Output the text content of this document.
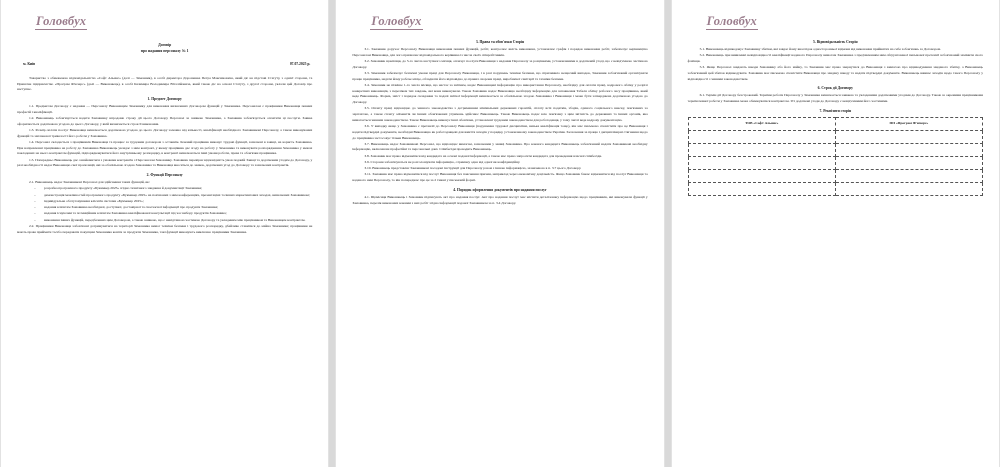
Головбух
Договір
про надання персоналу № 1
м. Київ	07.07.2025 р.

Товариство з обмеженою відповідальністю «Софт Альянс» (далі — Замовник), в особі директора Дорошенка Петра Максимовича, який діє на підставі Статуту, з однієї сторони, та Приватне підприємство «Програм Ф'ючерс» (далі — Виконавець), в особі Казимира Володимира Віталійовича, який також діє на основі Статуту, з другої сторони, уклали цей Договір про наступне.

1. Предмет Договору

1.1. Предметом Договору є надання — Персоналу Виконавцем Замовнику для виконання визначених Договором функцій у Замовника. Персоналом є працівники Виконавця певних професій і кваліфікації.

1.2. Виконавець зобов'язується надати Замовнику впродовж строку дії цього Договору Персонал за заявкою Замовника, а Замовник зобов'язується оплатити ці послуги. Заявка оформлюється додатковою угодою до цього Договору, у якій визначається строк її виконання.

1.3. Розмір оплати послуг Виконавця визначається додатковою угодою до цього Договору залежно від кількості, кваліфікації необхідного Замовникові Персоналу, а також виконуваних функцій та запланової тривалості його роботи у Замовника.

1.4. Персонал складається з працівників Виконавця та працює за трудовим договором з останнім. Кожний працівник виконує трудові функції, зазначені в заявці, на користь Замовника. При направленні працівника на роботу до Замовника Виконавець укладає з ним контракт, у якому працівник дає згоду на роботу у Замовника та виконувати розпорядження Замовника у межах покладених на нього контрактом функцій, підпорядковуватися його внутрішньому розпорядку, в контракті визначаються інші умови роботи, права та обов'язки працівника.

1.5. Попередньо Виконавець дає ознайомитися з умовами контрактів з Персоналом Замовнику. Замовник перевіряє відповідність умов поданій Заявці та додатковим угодам до Договору, у разі необхідності надає Виконавцю свої пропозиції, які за обопільною згодою Замовника та Виконавця вносяться до заявок, додаткових угод до Договору та зазначених контрактів.

2. Функції Персоналу

2.1. Виконавець надає Замовникові Персонал для здійснення таких функцій, як:

– розробка програмного продукту «Букмекер 2025» згідно технічного завдання й документації Замовника;
– демонстрація можливостей програмного продукту «Букмекер 2025» на пов'язаних з ним конференціях, презентаціях та інших маркетингових заходах, визначених Замовником;
– індивідуальне обслуговування клієнтів системи «Букмекер 2025»;
– надання клієнтам Замовника необхідної, доступної, достовірної та своєчасної інформації про продукти Замовника;
– надання існуючим та потенційним клієнтам Замовника кваліфікованої консультації під час вибору продуктів Замовника;
– виконання інших функцій, передбачених цим Договором, а також заявкою, що є невід'ємною частиною Договору та укладеним між працівником та Виконавцем контрактом.

2.2. Працівники Виконавця зобов'язані дотримуватися на території Замовника вимог техніки безпеки і трудового розпорядку, дбайливо ставитися до майна Замовника; працівники не мають права приймати та/або передавати покупцям Замовника кошти за продукти Замовника, такі функції виконують виключно працівники Замовника.

Головбух

3. Права та обов'язки Сторін

3.1. Замовник доручає Персоналу Виконавця виконання певних функцій, робіт, контролює якість виконання, установлює графік і порядок виконання робіт, забезпечує керівництво Персоналом Виконавця, для чого призначає відповідального керівника із числа своїх співробітників.

3.2. Замовник щомісяця, до 5-го числа наступного місяця, оплачує послуги Виконавця з надання Персоналу за розцінками, установленими в додатковій угоді, що є невід'ємною частиною Договору.

3.3. Замовник забезпечує безпечні умови праці для Персоналу Виконавця, і в разі порушень техніки безпеки, що спричинило нещасний випадок, Замовник зобов'язаний організувати працю працівника, надати йому робоче місце, обладнати його відповідно до правил охорони праці, виробничої санітарії та техніки безпеки.

3.4. Замовник не пізніше 1-го числа місяця, що настає за звітним, надає Виконавцеві інформацію про використання Персоналу, необхідну для оплати праці, кадрового обліку у розрізі конкретних виконавців, з переліком тих завдань, які вони виконували. Також Замовник надає Виконавцю необхідну інформацію для заповнення Табеля обліку робочого часу працівника, який веде Виконавець. Форма, зміст і порядок складання та подачі звітної інформації визначається за обопільною згодою Замовника і Виконавця і може бути затверджена додатковою угодою до Договору.

3.5. Оплату праці відповідно до чинного законодавства з дотриманням мінімальних державних гарантій, сплату всіх податків, зборів, єдиного соціального внеску, пов'язаних за зарплатою, а також сплату аліментів чи інших обов'язкових утримань здійснює Виконавець. Також Виконавець подає всю пов'язану з цим звітність до державних та інших органів, яка вимагається чинним законодавством. Також Виконавець виконує інші обов'язки, установлені трудовим законодавством для роботодавця, у тому числі веде кадрову документацію.

3.6. У випадку якщо у Замовника є претензії до Персоналу Виконавця (порушення трудової дисципліни, низька кваліфікація тощо), він має письмово сповістити про це Виконавця і надати підтвердні документи, необхідні Виконавцю як роботодавцеві для вжиття заходів у порядку, установленому законодавством України. Заохочення за працю і дисциплінарні стягнення щодо до працівника застосовує тільки Виконавець.

3.7. Виконавець надає Замовникові Персонал, що відповідає вимогам, зазначеним у заявці Замовника. Про кожного кандидата Виконавець зобов'язаний надати Замовникові необхідну інформацію, включаючи професійні та персональні дані. Співбесіди проводить Виконавець.

3.8. Замовник має право відмовитися від кандидата на основі поданої інформації, а також має право запросити кандидата для проведення власної співбесіди.

3.9. Сторони зобов'язуються не розголошувати інформацію, отриману одна від одної як конфіденційну.

3.10. Виконавець представляє Замовникові посадові інструкції для Персоналу разом з іншою інформацією, зазначеною в п. 3.7 цього Договору.

3.11. Замовник має право відмовитися від послуг Виконавця без пояснення причин, наприклад через економічну доцільність. Якщо Замовник бажає відмовитися від послуг Виконавця та наданого ним Персоналу, то він попереджає про це за 2 тижні у письмовій формі.

4. Порядок оформлення документів про надання послуг

4.1. Щомісяця Виконавець і Замовник підписують акт про надання послуг. Акт про надання послуг має містити деталізовану інформацію щодо працівників, які виконували функції у Замовника, перелік виконаних кожним з них робіт згідно інформації поданої Замовником за п. 3.4 Договору.

Головбух

5. Відповідальність Сторін

5.1. Виконавець відшкодовує Замовнику збитки, які завдає йому внаслідок односторонньої відмови від виконання прийнятих на себе зобов'язань за Договором.

5.2. Виконавець при виявленні невідповідності кваліфікації наданого Персоналу вимогам Замовника з пред'явленням ним обґрунтованої письмової претензії зобов'язаний замінити свого фахівця.

5.3. Якщо Персонал завдають шкоди Замовнику або його майну, то Замовник має право звернутися до Виконавця з вимогою про відшкодування завданого збитку, а Виконавець зобов'язаний цей збиток відшкодувати. Замовник має письмово сповістити Виконавця про завдану шкоду та надати підтвердні документи. Виконавець вживає заходів щодо такого Персоналу у відповідності з чинним законодавством.

6. Строк дії Договору

6.1. Термін дії Договору безстроковий. Терміни роботи Персоналу у Замовника визначається заявкою та укладеними додатковими угодами до Договору. Також за окремими працівниками термін певної роботи у Замовника може обмежуватися контрактом. Усі додаткові угоди до Договору є невід'ємними його частинами.

7. Реквізити сторін

ТОВ «Софт Альянс»	ПП «Програм Ф'ючерс»
